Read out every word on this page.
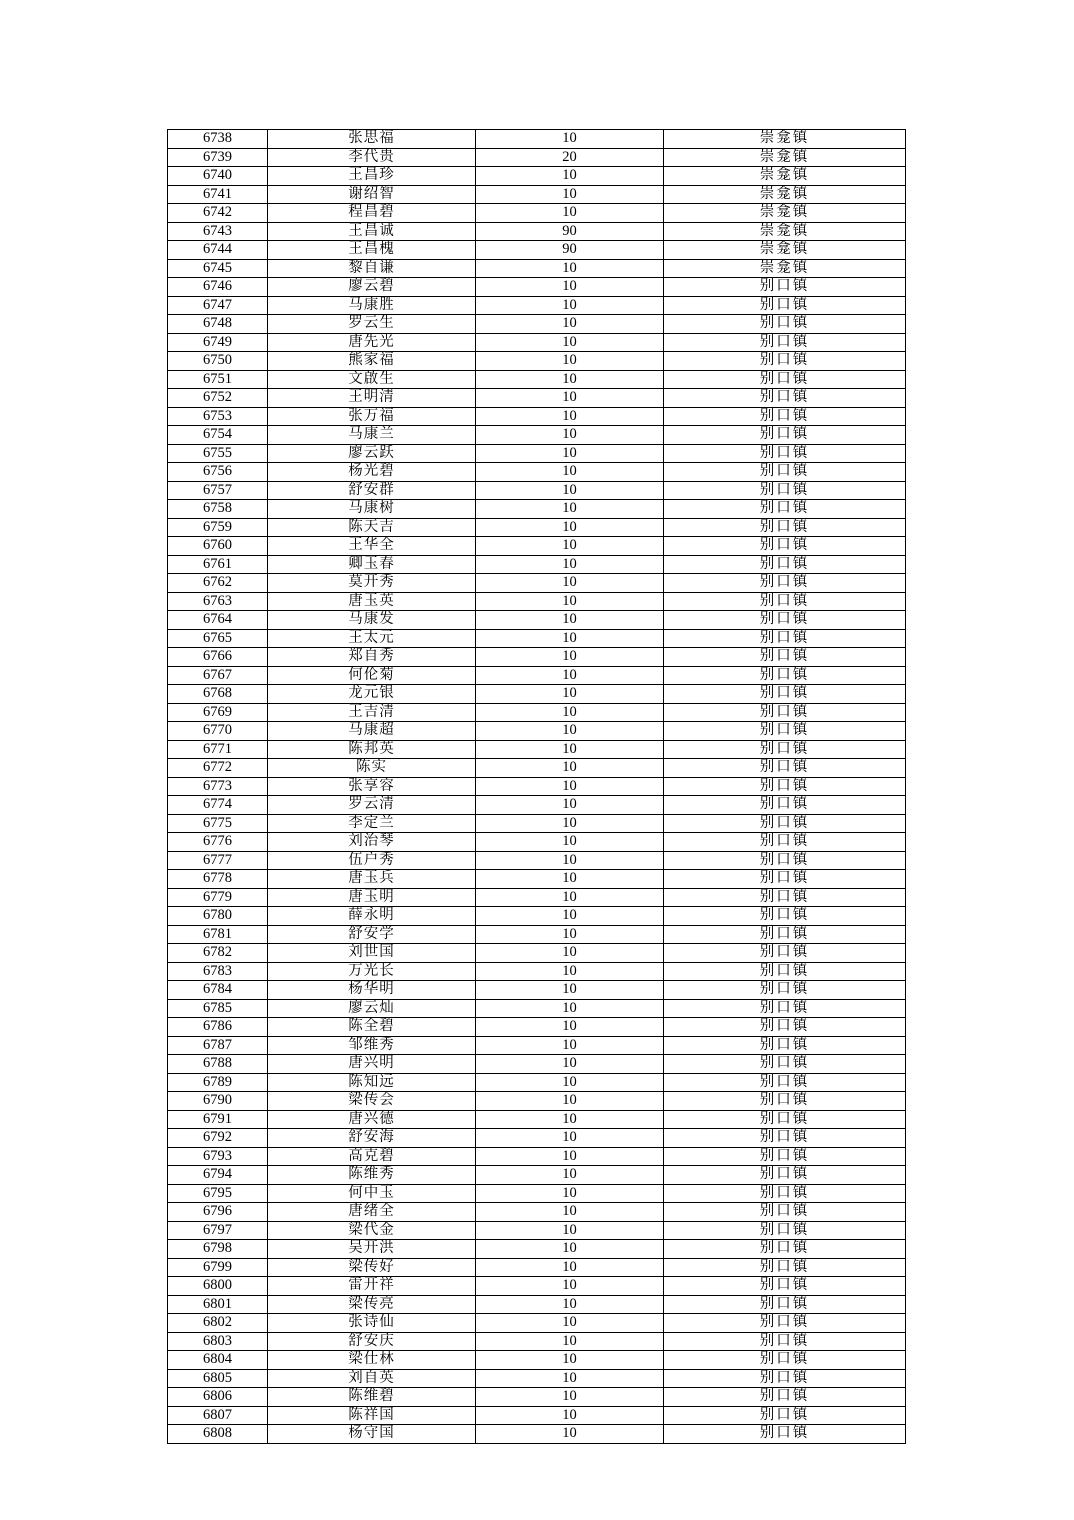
6738	张思福	10	崇龛镇
6739	李代贵	20	崇龛镇
6740	王昌珍	10	崇龛镇
6741	谢绍智	10	崇龛镇
6742	程昌碧	10	崇龛镇
6743	王昌诚	90	崇龛镇
6744	王昌槐	90	崇龛镇
6745	黎自谦	10	崇龛镇
6746	廖云碧	10	别口镇
6747	马康胜	10	别口镇
6748	罗云生	10	别口镇
6749	唐先光	10	别口镇
6750	熊家福	10	别口镇
6751	文啟生	10	别口镇
6752	王明清	10	别口镇
6753	张万福	10	别口镇
6754	马康兰	10	别口镇
6755	廖云跃	10	别口镇
6756	杨光碧	10	别口镇
6757	舒安群	10	别口镇
6758	马康树	10	别口镇
6759	陈天吉	10	别口镇
6760	王华全	10	别口镇
6761	卿玉春	10	别口镇
6762	莫开秀	10	别口镇
6763	唐玉英	10	别口镇
6764	马康发	10	别口镇
6765	王太元	10	别口镇
6766	郑自秀	10	别口镇
6767	何伦菊	10	别口镇
6768	龙元银	10	别口镇
6769	王吉清	10	别口镇
6770	马康超	10	别口镇
6771	陈邦英	10	别口镇
6772	陈实	10	别口镇
6773	张享容	10	别口镇
6774	罗云清	10	别口镇
6775	李定兰	10	别口镇
6776	刘治琴	10	别口镇
6777	伍户秀	10	别口镇
6778	唐玉兵	10	别口镇
6779	唐玉明	10	别口镇
6780	薛永明	10	别口镇
6781	舒安学	10	别口镇
6782	刘世国	10	别口镇
6783	万光长	10	别口镇
6784	杨华明	10	别口镇
6785	廖云灿	10	别口镇
6786	陈全碧	10	别口镇
6787	邹维秀	10	别口镇
6788	唐兴明	10	别口镇
6789	陈知远	10	别口镇
6790	梁传会	10	别口镇
6791	唐兴德	10	别口镇
6792	舒安海	10	别口镇
6793	高克碧	10	别口镇
6794	陈维秀	10	别口镇
6795	何中玉	10	别口镇
6796	唐绪全	10	别口镇
6797	梁代金	10	别口镇
6798	吴开洪	10	别口镇
6799	梁传好	10	别口镇
6800	雷开祥	10	别口镇
6801	梁传亮	10	别口镇
6802	张诗仙	10	别口镇
6803	舒安庆	10	别口镇
6804	梁仕林	10	别口镇
6805	刘自英	10	别口镇
6806	陈维碧	10	别口镇
6807	陈祥国	10	别口镇
6808	杨守国	10	别口镇
